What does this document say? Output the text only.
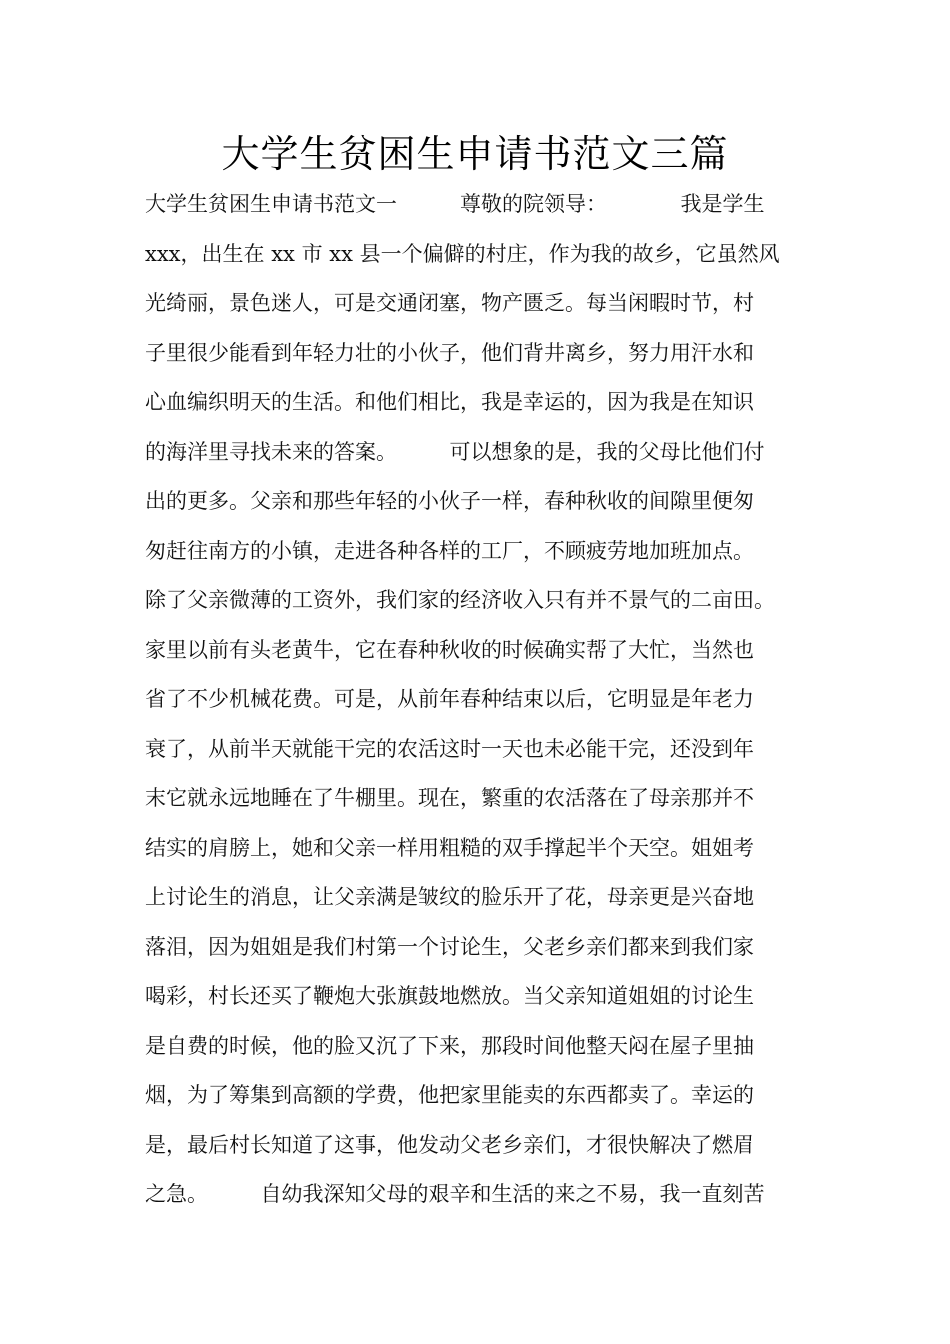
大学生贫困生申请书范文三篇
大学生贫困生申请书范文一　　　尊敬的院领导：　　　　我是学生
xxx，出生在 xx 市 xx 县一个偏僻的村庄，作为我的故乡，它虽然风
光绮丽，景色迷人，可是交通闭塞，物产匮乏。每当闲暇时节，村
子里很少能看到年轻力壮的小伙子，他们背井离乡，努力用汗水和
心血编织明天的生活。和他们相比，我是幸运的，因为我是在知识
的海洋里寻找未来的答案。　　　可以想象的是，我的父母比他们付
出的更多。父亲和那些年轻的小伙子一样，春种秋收的间隙里便匆
匆赶往南方的小镇，走进各种各样的工厂，不顾疲劳地加班加点。
除了父亲微薄的工资外，我们家的经济收入只有并不景气的二亩田。
家里以前有头老黄牛，它在春种秋收的时候确实帮了大忙，当然也
省了不少机械花费。可是，从前年春种结束以后，它明显是年老力
衰了，从前半天就能干完的农活这时一天也未必能干完，还没到年
末它就永远地睡在了牛棚里。现在，繁重的农活落在了母亲那并不
结实的肩膀上，她和父亲一样用粗糙的双手撑起半个天空。姐姐考
上讨论生的消息，让父亲满是皱纹的脸乐开了花，母亲更是兴奋地
落泪，因为姐姐是我们村第一个讨论生，父老乡亲们都来到我们家
喝彩，村长还买了鞭炮大张旗鼓地燃放。当父亲知道姐姐的讨论生
是自费的时候，他的脸又沉了下来，那段时间他整天闷在屋子里抽
烟，为了筹集到高额的学费，他把家里能卖的东西都卖了。幸运的
是，最后村长知道了这事，他发动父老乡亲们，才很快解决了燃眉
之急。　　　自幼我深知父母的艰辛和生活的来之不易，我一直刻苦
